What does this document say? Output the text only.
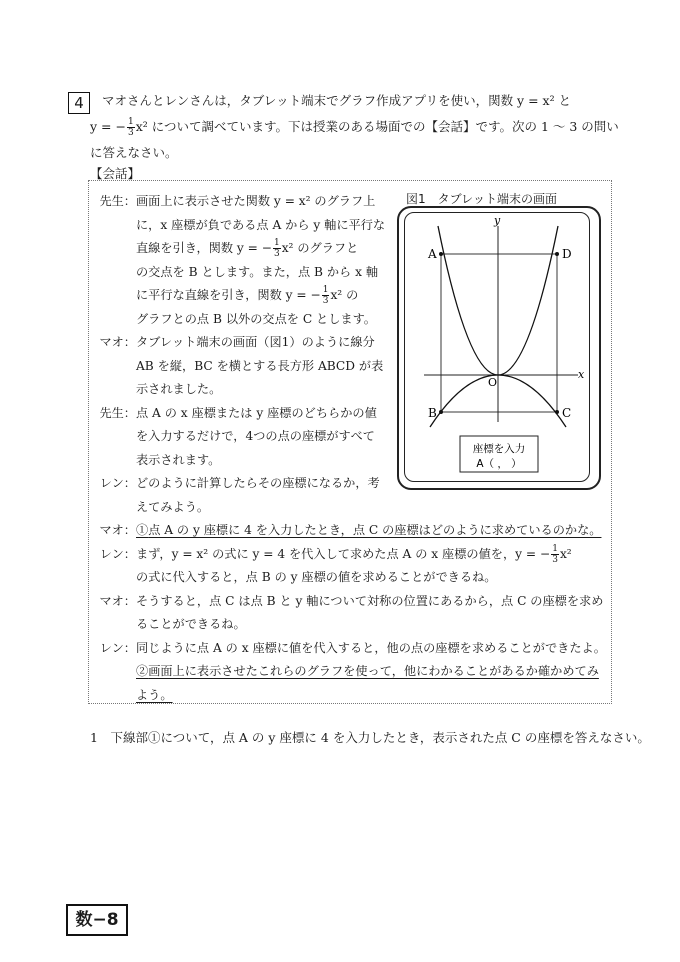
4	マオさんとレンさんは，タブレット端末でグラフ作成アプリを使い，関数 y = x² と
y = − $\frac{1}{3} x^2$ について調べています。下は授業のある場面での【会話】です。次の 1 〜 3 の問い
に答えなさい。
【会話】
先生：画面上に表示させた関数 y = x² のグラフ上
に，x 座標が負である点 A から y 軸に平行な
直線を引き，関数 y = − $\frac{1}{3} x^2$ のグラフと
の交点を B とします。また，点 B から x 軸
に平行な直線を引き，関数 y = − $\frac{1}{3} x^2$ の
グラフとの点 B 以外の交点を C とします。
マオ：タブレット端末の画面（図1）のように線分
AB を縦，BC を横とする長方形 ABCD が表
示されました。
先生：点 A の x 座標または y 座標のどちらかの値
を入力するだけで，4つの点の座標がすべて
表示されます。
レン：どのように計算したらその座標になるか，考
えてみよう。
マオ：①点 A の y 座標に 4 を入力したとき，点 C の座標はどのように求めているのかな。
レン：まず，y = x² の式に y = 4 を代入して求めた点 A の x 座標の値を，y = − $\frac{1}{3} x^2$
の式に代入すると，点 B の y 座標の値を求めることができるね。
マオ：そうすると，点 C は点 B と y 軸について対称の位置にあるから，点 C の座標を求め
ることができるね。
レン：同じように点 A の x 座標に値を代入すると，他の点の座標を求めることができたよ。
②画面上に表示させたこれらのグラフを使って，他にわかることがあるか確かめてみ
よう。
図1　タブレット端末の画面
A
B	C
D
O
x
y
座標を入力
A（ ， ）
1　下線部①について，点 A の y 座標に 4 を入力したとき，表示された点 C の座標を答えなさい。
数−8
